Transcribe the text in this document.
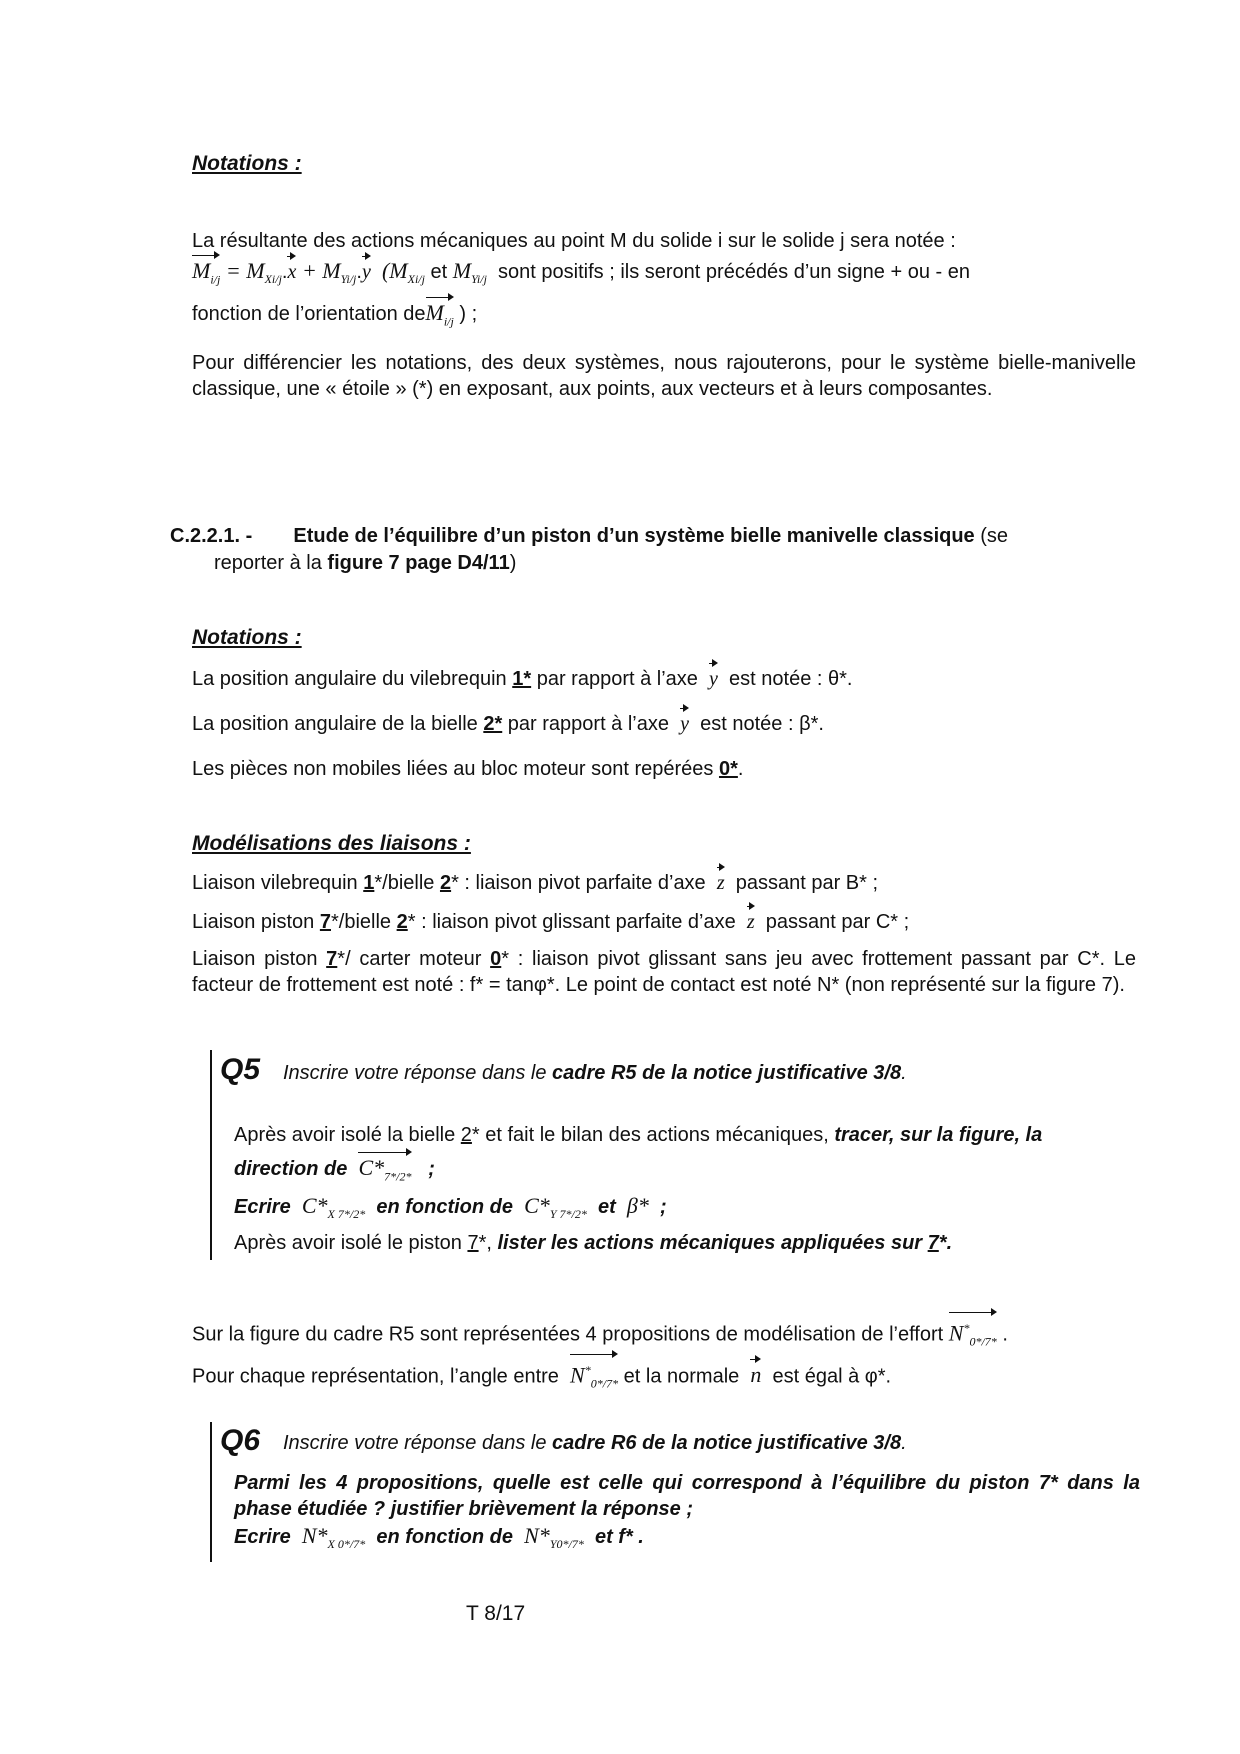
Notations :
La résultante des actions mécaniques au point M du solide i sur le solide j sera notée :
$M_{i/j} = M_{Xi/j}.x + M_{Yi/j}.y$ ($M_{Xi/j}$ et $M_{Yi/j}$ sont positifs ; ils seront précédés d’un signe + ou - en
fonction de l’orientation deM$_{i/j}$ ) ;
Pour différencier les notations, des deux systèmes, nous rajouterons, pour le système bielle-manivelle classique, une « étoile » (*) en exposant, aux points, aux vecteurs et à leurs composantes.
C.2.2.1. - Etude de l’équilibre d’un piston d’un système bielle manivelle classique (se
reporter à la figure 7 page D4/11)
Notations :
La position angulaire du vilebrequin 1* par rapport à l’axe y est notée : θ*.
La position angulaire de la bielle 2* par rapport à l’axe y est notée : β*.
Les pièces non mobiles liées au bloc moteur sont repérées 0*.
Modélisations des liaisons :
Liaison vilebrequin 1*/bielle 2* : liaison pivot parfaite d’axe z passant par B* ;
Liaison piston 7*/bielle 2* : liaison pivot glissant parfaite d’axe z passant par C* ;
Liaison piston 7*/ carter moteur 0* : liaison pivot glissant sans jeu avec frottement passant par C*. Le facteur de frottement est noté : f* = tanφ*. Le point de contact est noté N* (non représenté sur la figure 7).
Q5 Inscrire votre réponse dans le cadre R5 de la notice justificative 3/8.
Après avoir isolé la bielle 2* et fait le bilan des actions mécaniques, tracer, sur la figure, la
direction de $C*_{7*/2*}$ ;
Ecrire $C*_{X 7*/2*}$ en fonction de $C*_{Y 7*/2*}$ et β* ;
Après avoir isolé le piston 7*, lister les actions mécaniques appliquées sur 7*.
Sur la figure du cadre R5 sont représentées 4 propositions de modélisation de l’effort $N^*_{0*/7*}$ .
Pour chaque représentation, l’angle entre $N^*_{0*/7*}$ et la normale n est égal à φ*.
Q6 Inscrire votre réponse dans le cadre R6 de la notice justificative 3/8.
Parmi les 4 propositions, quelle est celle qui correspond à l’équilibre du piston 7* dans la phase étudiée ? justifier brièvement la réponse ;
Ecrire $N*_{X 0*/7*}$ en fonction de $N*_{Y0*/7*}$ et f* .
T 8/17
